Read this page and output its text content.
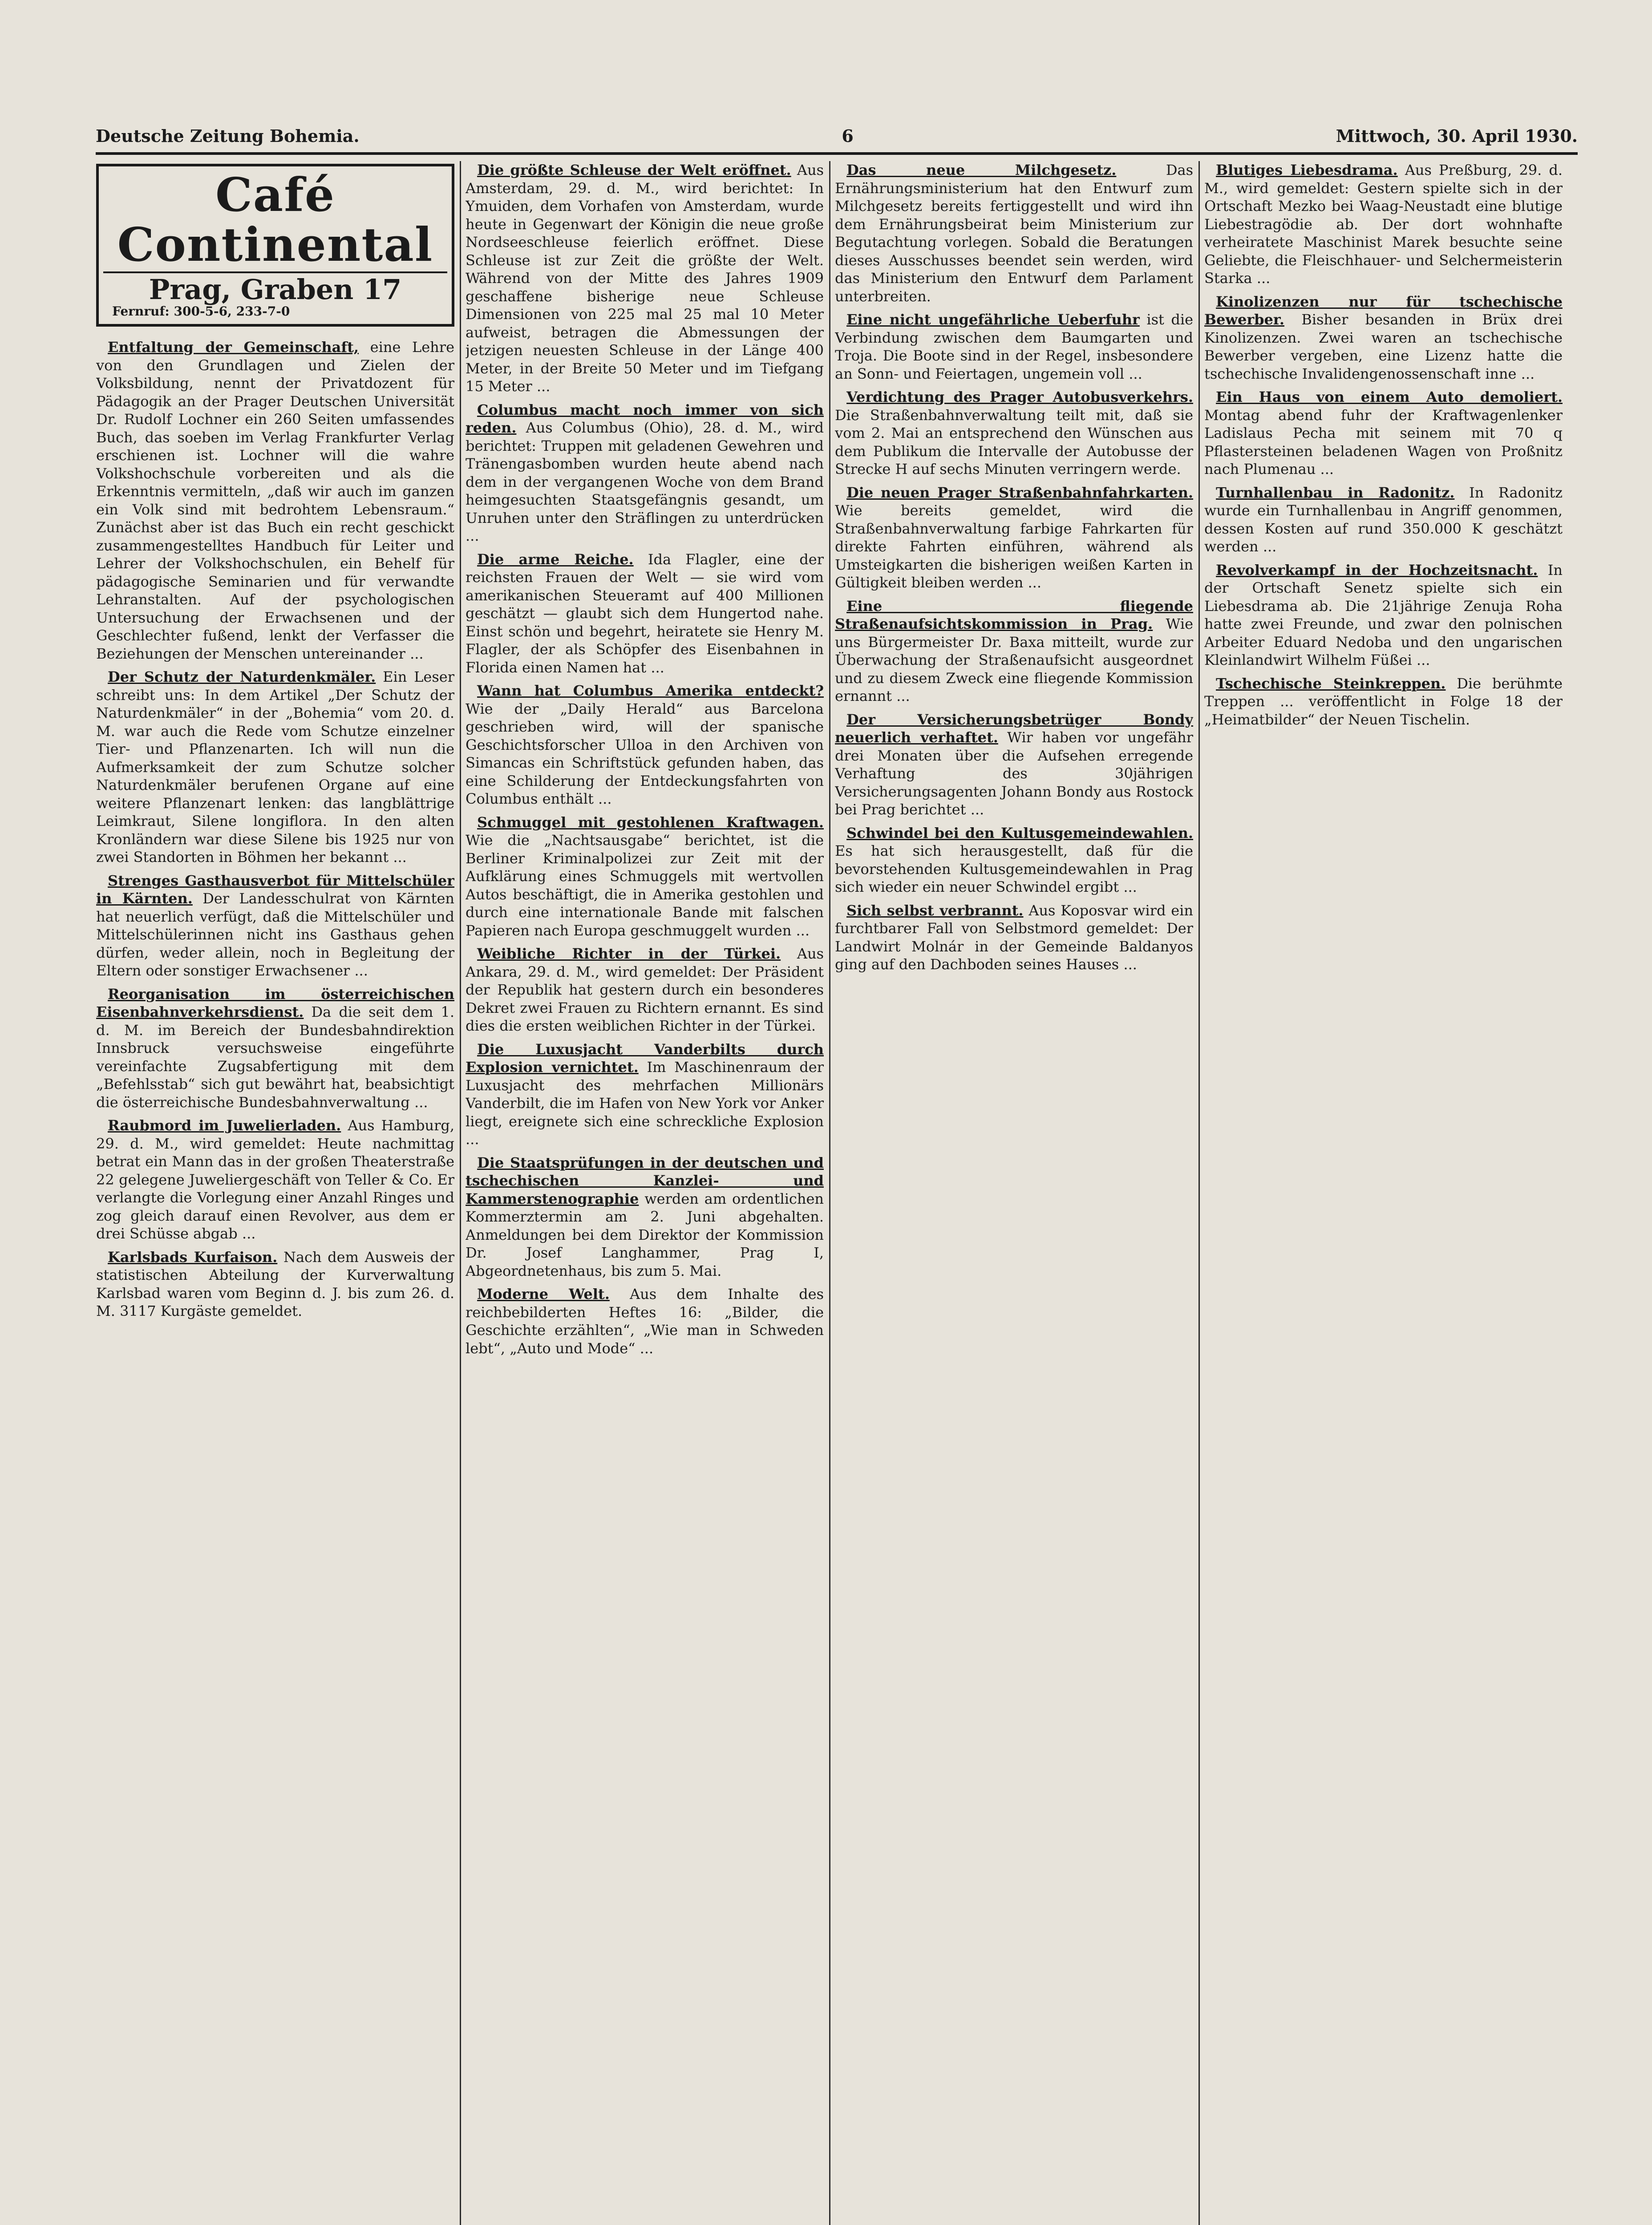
Deutsche Zeitung Bohemia.	6	Mittwoch, 30. April 1930.
Café Continental
Prag, Graben 17
Fernruf: 300-5-6, 233-7-0

Entfaltung der Gemeinschaft, eine Lehre von den Grundlagen und Zielen der Volksbildung, nennt der Privatdozent für Pädagogik an der Prager Deutschen Universität Dr. Rudolf Lochner ein 260 Seiten umfassendes Buch, das soeben im Verlag Frankfurter Verlag erschienen ist. Lochner will die wahre Volkshochschule vorbereiten und als die Erkenntnis vermitteln, „daß wir auch im ganzen ein Volk sind mit bedrohtem Lebensraum.“ Zunächst aber ist das Buch ein recht geschickt zusammengestelltes Handbuch für Leiter und Lehrer der Volkshochschulen, ein Behelf für pädagogische Seminarien und für verwandte Lehranstalten. Auf der psychologischen Untersuchung der Erwachsenen und der Geschlechter fußend, lenkt der Verfasser die Beziehungen der Menschen untereinander ...

Der Schutz der Naturdenkmäler. Ein Leser schreibt uns: In dem Artikel „Der Schutz der Naturdenkmäler“ in der „Bohemia“ vom 20. d. M. war auch die Rede vom Schutze einzelner Tier- und Pflanzenarten. Ich will nun die Aufmerksamkeit der zum Schutze solcher Naturdenkmäler berufenen Organe auf eine weitere Pflanzenart lenken: das langblättrige Leimkraut, Silene longiflora. In den alten Kronländern war diese Silene bis 1925 nur von zwei Standorten in Böhmen her bekannt ...

Strenges Gasthausverbot für Mittelschüler in Kärnten. Der Landesschulrat von Kärnten hat neuerlich verfügt, daß die Mittelschüler und Mittelschülerinnen nicht ins Gasthaus gehen dürfen, weder allein, noch in Begleitung der Eltern oder sonstiger Erwachsener ...

Reorganisation im österreichischen Eisenbahnverkehrsdienst. Da die seit dem 1. d. M. im Bereich der Bundesbahndirektion Innsbruck versuchsweise eingeführte vereinfachte Zugsabfertigung mit dem „Befehlsstab“ sich gut bewährt hat, beabsichtigt die österreichische Bundesbahnverwaltung ...

Raubmord im Juwelierladen. Aus Hamburg, 29. d. M., wird gemeldet: Heute nachmittag betrat ein Mann das in der großen Theaterstraße 22 gelegene Juweliergeschäft von Teller & Co. Er verlangte die Vorlegung einer Anzahl Ringes und zog gleich darauf einen Revolver, aus dem er drei Schüsse abgab ...

Karlsbads Kurfaison. Nach dem Ausweis der statistischen Abteilung der Kurverwaltung Karlsbad waren vom Beginn d. J. bis zum 26. d. M. 3117 Kurgäste gemeldet.

Die größte Schleuse der Welt eröffnet. Aus Amsterdam, 29. d. M., wird berichtet: In Ymuiden, dem Vorhafen von Amsterdam, wurde heute in Gegenwart der Königin die neue große Nordseeschleuse feierlich eröffnet. Diese Schleuse ist zur Zeit die größte der Welt. Während von der Mitte des Jahres 1909 geschaffene bisherige neue Schleuse Dimensionen von 225 mal 25 mal 10 Meter aufweist, betragen die Abmessungen der jetzigen neuesten Schleuse in der Länge 400 Meter, in der Breite 50 Meter und im Tiefgang 15 Meter ...

Columbus macht noch immer von sich reden. Aus Columbus (Ohio), 28. d. M., wird berichtet: Truppen mit geladenen Gewehren und Tränengasbomben wurden heute abend nach dem in der vergangenen Woche von dem Brand heimgesuchten Staatsgefängnis gesandt, um Unruhen unter den Sträflingen zu unterdrücken ...

Die arme Reiche. Ida Flagler, eine der reichsten Frauen der Welt — sie wird vom amerikanischen Steueramt auf 400 Millionen geschätzt — glaubt sich dem Hungertod nahe. Einst schön und begehrt, heiratete sie Henry M. Flagler, der als Schöpfer des Eisenbahnen in Florida einen Namen hat ...

Wann hat Columbus Amerika entdeckt? Wie der „Daily Herald“ aus Barcelona geschrieben wird, will der spanische Geschichtsforscher Ulloa in den Archiven von Simancas ein Schriftstück gefunden haben, das eine Schilderung der Entdeckungsfahrten von Columbus enthält ...

Schmuggel mit gestohlenen Kraftwagen. Wie die „Nachtsausgabe“ berichtet, ist die Berliner Kriminalpolizei zur Zeit mit der Aufklärung eines Schmuggels mit wertvollen Autos beschäftigt, die in Amerika gestohlen und durch eine internationale Bande mit falschen Papieren nach Europa geschmuggelt wurden ...

Weibliche Richter in der Türkei. Aus Ankara, 29. d. M., wird gemeldet: Der Präsident der Republik hat gestern durch ein besonderes Dekret zwei Frauen zu Richtern ernannt. Es sind dies die ersten weiblichen Richter in der Türkei.

Die Luxusjacht Vanderbilts durch Explosion vernichtet. Im Maschinenraum der Luxusjacht des mehrfachen Millionärs Vanderbilt, die im Hafen von New York vor Anker liegt, ereignete sich eine schreckliche Explosion ...

Die Staatsprüfungen in der deutschen und tschechischen Kanzlei- und Kammerstenographie werden am ordentlichen Kommerztermin am 2. Juni abgehalten. Anmeldungen bei dem Direktor der Kommission Dr. Josef Langhammer, Prag I, Abgeordnetenhaus, bis zum 5. Mai.

Moderne Welt. Aus dem Inhalte des reichbebilderten Heftes 16: „Bilder, die Geschichte erzählten“, „Wie man in Schweden lebt“, „Auto und Mode“ ...

Das neue Milchgesetz.	Das Ernährungsministerium hat den Entwurf zum Milchgesetz bereits fertiggestellt und wird ihn dem Ernährungsbeirat beim Ministerium zur Begutachtung vorlegen. Sobald die Beratungen dieses Ausschusses beendet sein werden, wird das Ministerium den Entwurf dem Parlament unterbreiten.

Eine nicht ungefährliche Ueberfuhr ist die Verbindung zwischen dem Baumgarten und Troja. Die Boote sind in der Regel, insbesondere an Sonn- und Feiertagen, ungemein voll ...

Verdichtung des Prager Autobusverkehrs. Die Straßenbahnverwaltung teilt mit, daß sie vom 2. Mai an entsprechend den Wünschen aus dem Publikum die Intervalle der Autobusse der Strecke H auf sechs Minuten verringern werde.

Die neuen Prager Straßenbahnfahrkarten. Wie bereits gemeldet, wird die Straßenbahnverwaltung farbige Fahrkarten für direkte Fahrten einführen, während als Umsteigkarten die bisherigen weißen Karten in Gültigkeit bleiben werden ...

Eine fliegende Straßenaufsichtskommission in Prag. Wie uns Bürgermeister Dr. Baxa mitteilt, wurde zur Überwachung der Straßenaufsicht ausgeordnet und zu diesem Zweck eine fliegende Kommission ernannt ...

Der Versicherungsbetrüger Bondy neuerlich verhaftet. Wir haben vor ungefähr drei Monaten über die Aufsehen erregende Verhaftung des 30jährigen Versicherungsagenten Johann Bondy aus Rostock bei Prag berichtet ...

Schwindel bei den Kultusgemeindewahlen. Es hat sich herausgestellt, daß für die bevorstehenden Kultusgemeindewahlen in Prag sich wieder ein neuer Schwindel ergibt ...

Sich selbst verbrannt. Aus Koposvar wird ein furchtbarer Fall von Selbstmord gemeldet: Der Landwirt Molnár in der Gemeinde Baldanyos ging auf den Dachboden seines Hauses ...

Blutiges Liebesdrama. Aus Preßburg, 29. d. M., wird gemeldet: Gestern spielte sich in der Ortschaft Mezko bei Waag-Neustadt eine blutige Liebestragödie ab. Der dort wohnhafte verheiratete Maschinist Marek besuchte seine Geliebte, die Fleischhauer- und Selchermeisterin Starka ...

Kinolizenzen nur für tschechische Bewerber. Bisher besanden in Brüx drei Kinolizenzen. Zwei waren an tschechische Bewerber vergeben, eine Lizenz hatte die tschechische Invalidengenossenschaft inne ...

Ein Haus von einem Auto demoliert. Montag abend fuhr der Kraftwagenlenker Ladislaus Pecha mit seinem mit 70 q Pflastersteinen beladenen Wagen von Proßnitz nach Plumenau ...

Turnhallenbau in Radonitz. In Radonitz wurde ein Turnhallenbau in Angriff genommen, dessen Kosten auf rund 350.000 K geschätzt werden ...

Revolverkampf in der Hochzeitsnacht. In der Ortschaft Senetz spielte sich ein Liebesdrama ab. Die 21jährige Zenuja Roha hatte zwei Freunde, und zwar den polnischen Arbeiter Eduard Nedoba und den ungarischen Kleinlandwirt Wilhelm Füßei ...

Tschechische Steinkreppen. Die berühmte Treppen ... veröffentlicht in Folge 18 der „Heimatbilder“ der Neuen Tischelin.
